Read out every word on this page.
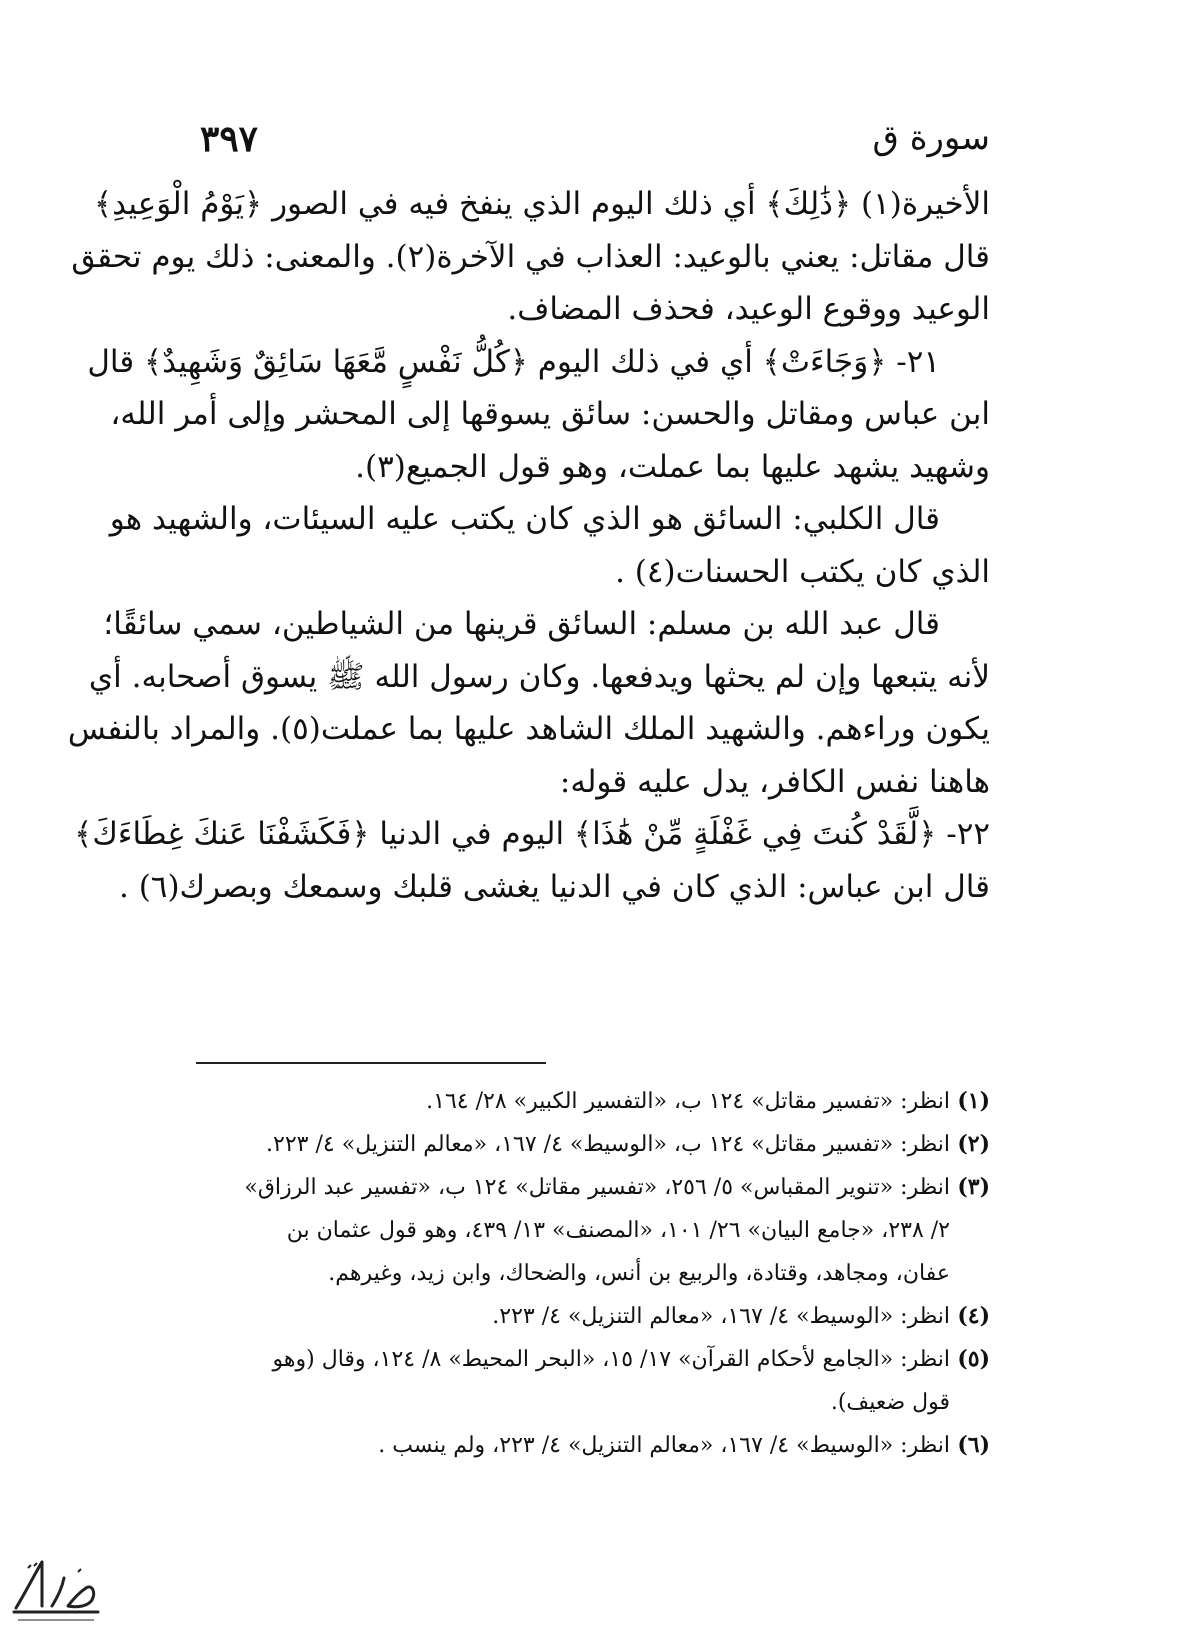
سورة ق
٣٩٧
الأخيرة(١) ﴿ذَٰلِكَ﴾ أي ذلك اليوم الذي ينفخ فيه في الصور ﴿يَوْمُ الْوَعِيدِ﴾
قال مقاتل: يعني بالوعيد: العذاب في الآخرة(٢). والمعنى: ذلك يوم تحقق
الوعيد ووقوع الوعيد، فحذف المضاف.
٢١- ﴿وَجَاءَتْ﴾ أي في ذلك اليوم ﴿كُلُّ نَفْسٍ مَّعَهَا سَائِقٌ وَشَهِيدٌ﴾ قال
ابن عباس ومقاتل والحسن: سائق يسوقها إلى المحشر وإلى أمر الله،
وشهيد يشهد عليها بما عملت، وهو قول الجميع(٣).
قال الكلبي: السائق هو الذي كان يكتب عليه السيئات، والشهيد هو
الذي كان يكتب الحسنات(٤) .
قال عبد الله بن مسلم: السائق قرينها من الشياطين، سمي سائقًا؛
لأنه يتبعها وإن لم يحثها ويدفعها. وكان رسول الله ﷺ يسوق أصحابه. أي
يكون وراءهم. والشهيد الملك الشاهد عليها بما عملت(٥). والمراد بالنفس
هاهنا نفس الكافر، يدل عليه قوله:
٢٢- ﴿لَّقَدْ كُنتَ فِي غَفْلَةٍ مِّنْ هَٰذَا﴾ اليوم في الدنيا ﴿فَكَشَفْنَا عَنكَ غِطَاءَكَ﴾
قال ابن عباس: الذي كان في الدنيا يغشى قلبك وسمعك وبصرك(٦) .
(١)انظر: «تفسير مقاتل» ١٢٤ ب، «التفسير الكبير» ٢٨/ ١٦٤.
(٢)انظر: «تفسير مقاتل» ١٢٤ ب، «الوسيط» ٤/ ١٦٧، «معالم التنزيل» ٤/ ٢٢٣.
(٣)انظر: «تنوير المقباس» ٥/ ٢٥٦، «تفسير مقاتل» ١٢٤ ب، «تفسير عبد الرزاق»
٢/ ٢٣٨، «جامع البيان» ٢٦/ ١٠١، «المصنف» ١٣/ ٤٣٩، وهو قول عثمان بن
عفان، ومجاهد، وقتادة، والربيع بن أنس، والضحاك، وابن زيد، وغيرهم.
(٤)انظر: «الوسيط» ٤/ ١٦٧، «معالم التنزيل» ٤/ ٢٢٣.
(٥)انظر: «الجامع لأحكام القرآن» ١٧/ ١٥، «البحر المحيط» ٨/ ١٢٤، وقال (وهو
قول ضعيف).
(٦)انظر: «الوسيط» ٤/ ١٦٧، «معالم التنزيل» ٤/ ٢٢٣، ولم ينسب .
